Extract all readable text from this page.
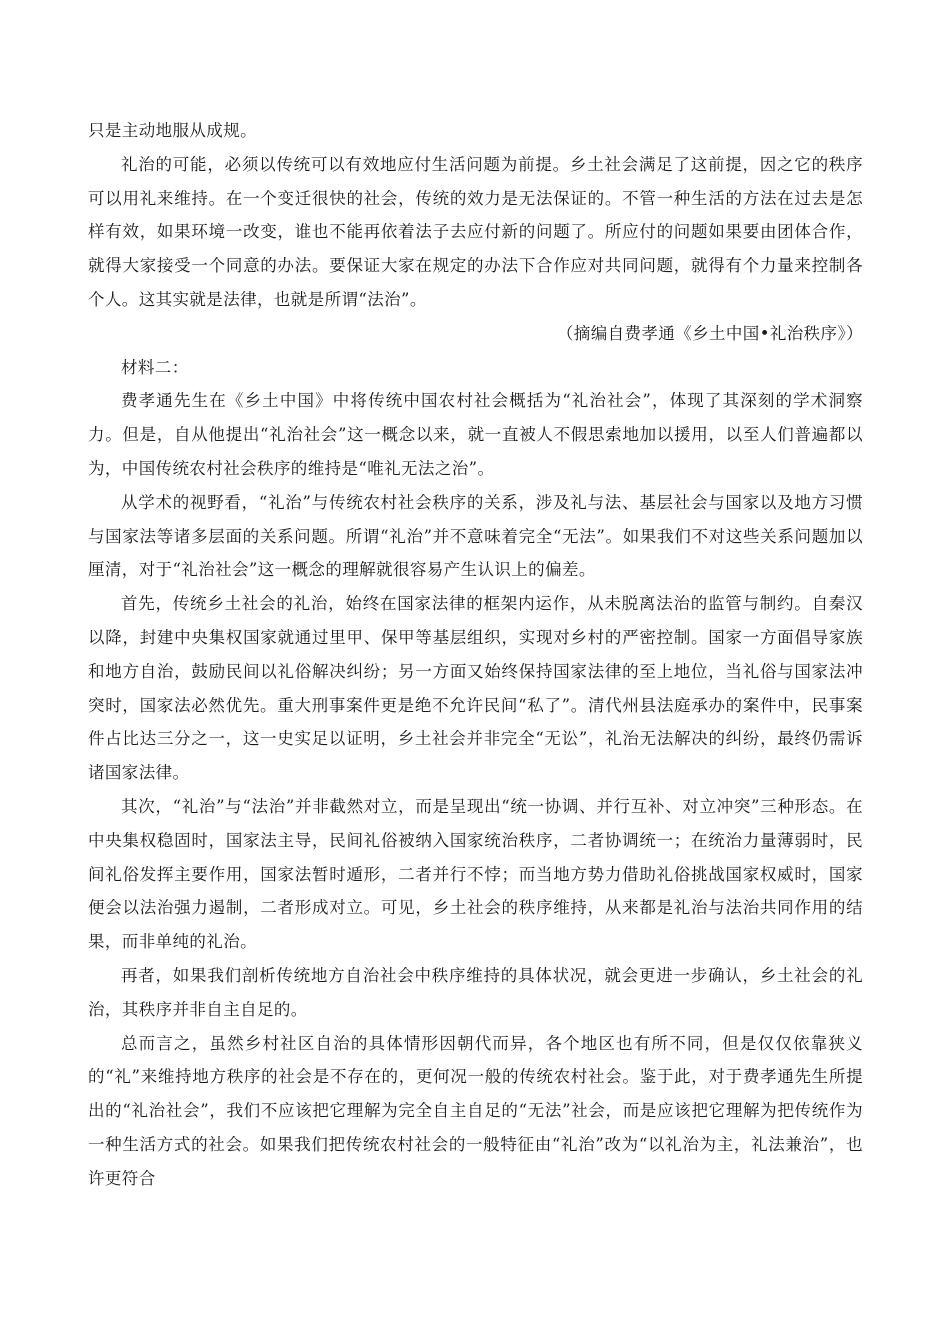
只是主动地服从成规。

礼治的可能，必须以传统可以有效地应付生活问题为前提。乡土社会满足了这前提，因之它的秩序可以用礼来维持。在一个变迁很快的社会，传统的效力是无法保证的。不管一种生活的方法在过去是怎样有效，如果环境一改变，谁也不能再依着法子去应付新的问题了。所应付的问题如果要由团体合作，就得大家接受一个同意的办法。要保证大家在规定的办法下合作应对共同问题，就得有个力量来控制各个人。这其实就是法律，也就是所谓“法治”。

（摘编自费孝通《乡土中国•礼治秩序》）

材料二：

费孝通先生在《乡土中国》中将传统中国农村社会概括为“礼治社会”，体现了其深刻的学术洞察力。但是，自从他提出“礼治社会”这一概念以来，就一直被人不假思索地加以援用，以至人们普遍都以为，中国传统农村社会秩序的维持是“唯礼无法之治”。

从学术的视野看，“礼治”与传统农村社会秩序的关系，涉及礼与法、基层社会与国家以及地方习惯与国家法等诸多层面的关系问题。所谓“礼治”并不意味着完全“无法”。如果我们不对这些关系问题加以厘清，对于“礼治社会”这一概念的理解就很容易产生认识上的偏差。

首先，传统乡土社会的礼治，始终在国家法律的框架内运作，从未脱离法治的监管与制约。自秦汉以降，封建中央集权国家就通过里甲、保甲等基层组织，实现对乡村的严密控制。国家一方面倡导家族和地方自治，鼓励民间以礼俗解决纠纷；另一方面又始终保持国家法律的至上地位，当礼俗与国家法冲突时，国家法必然优先。重大刑事案件更是绝不允许民间“私了”。清代州县法庭承办的案件中，民事案件占比达三分之一，这一史实足以证明，乡土社会并非完全“无讼”，礼治无法解决的纠纷，最终仍需诉诸国家法律。

其次，“礼治”与“法治”并非截然对立，而是呈现出“统一协调、并行互补、对立冲突”三种形态。在中央集权稳固时，国家法主导，民间礼俗被纳入国家统治秩序，二者协调统一；在统治力量薄弱时，民间礼俗发挥主要作用，国家法暂时遁形，二者并行不悖；而当地方势力借助礼俗挑战国家权威时，国家便会以法治强力遏制，二者形成对立。可见，乡土社会的秩序维持，从来都是礼治与法治共同作用的结果，而非单纯的礼治。

再者，如果我们剖析传统地方自治社会中秩序维持的具体状况，就会更进一步确认，乡土社会的礼治，其秩序并非自主自足的。

总而言之，虽然乡村社区自治的具体情形因朝代而异，各个地区也有所不同，但是仅仅依靠狭义的“礼”来维持地方秩序的社会是不存在的，更何况一般的传统农村社会。鉴于此，对于费孝通先生所提出的“礼治社会”，我们不应该把它理解为完全自主自足的“无法”社会，而是应该把它理解为把传统作为一种生活方式的社会。如果我们把传统农村社会的一般特征由“礼治”改为“以礼治为主，礼法兼治”，也许更符合
